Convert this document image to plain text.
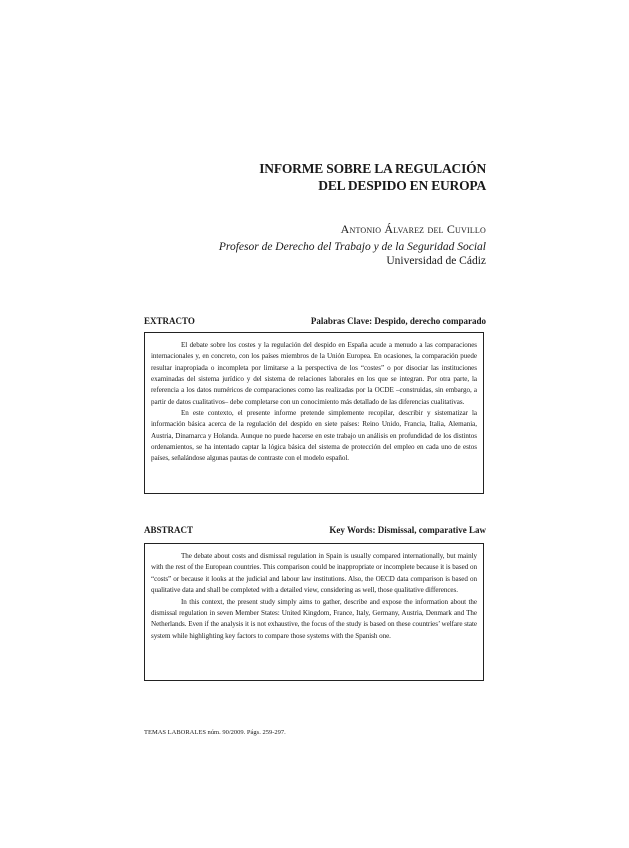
INFORME SOBRE LA REGULACIÓN
DEL DESPIDO EN EUROPA
Antonio Álvarez del Cuvillo
Profesor de Derecho del Trabajo y de la Seguridad Social
Universidad de Cádiz
EXTRACTO	Palabras Clave: Despido, derecho comparado

El debate sobre los costes y la regulación del despido en España acude a menudo a las comparaciones internacionales y, en concreto, con los países miembros de la Unión Europea. En ocasiones, la comparación puede resultar inapropiada o incompleta por limitarse a la perspectiva de los “costes” o por disociar las instituciones examinadas del sistema jurídico y del sistema de relaciones laborales en los que se integran. Por otra parte, la referencia a los datos numéricos de comparaciones como las realizadas por la OCDE –construidas, sin embargo, a partir de datos cualitativos– debe completarse con un conocimiento más detallado de las diferencias cualitativas.

En este contexto, el presente informe pretende simplemente recopilar, describir y sistematizar la información básica acerca de la regulación del despido en siete países: Reino Unido, Francia, Italia, Alemania, Austria, Dinamarca y Holanda. Aunque no puede hacerse en este trabajo un análisis en profundidad de los distintos ordenamientos, se ha intentado captar la lógica básica del sistema de protección del empleo en cada uno de estos países, señalándose algunas pautas de contraste con el modelo español.

ABSTRACT	Key Words: Dismissal, comparative Law

The debate about costs and dismissal regulation in Spain is usually compared internationally, but mainly with the rest of the European countries. This comparison could be inappropriate or incomplete because it is based on “costs” or because it looks at the judicial and labour law institutions. Also, the OECD data comparison is based on qualitative data and shall be completed with a detailed view, considering as well, those qualitative differences.

In this context, the present study simply aims to gather, describe and expose the information about the dismissal regulation in seven Member States: United Kingdom, France, Italy, Germany, Austria, Denmark and The Netherlands. Even if the analysis it is not exhaustive, the focus of the study is based on these countries’ welfare state system while highlighting key factors to compare those systems with the Spanish one.

TEMAS LABORALES núm. 90/2009. Págs. 259-297.
